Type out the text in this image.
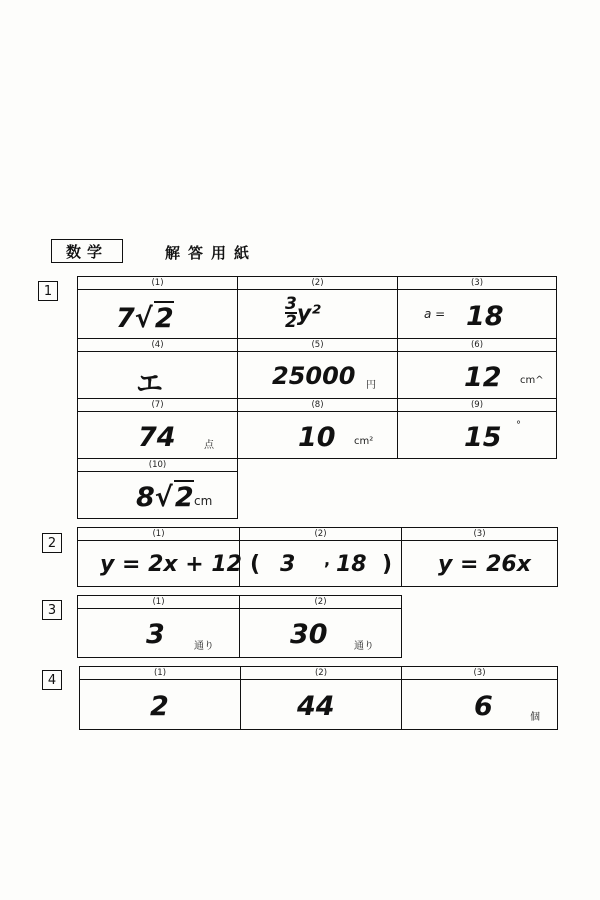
数学	解答用紙
1
(1)
7√2
(2)
$\frac{3}{2} y^2$
(3)
a = 18
(4)
エ
(5)
25000 円
(6)
12 cm^
(7)
74	点
(8)
10 cm²
(9)
15 °
(10)
8√2 cm
2
(1)
y = 2x + 12
(2)
( 3 , 18 )
(3)
y = 26x
3
(1)
3	通り
(2)
30	通り
4	(1)
2
(2)
44
(3)
6	個
